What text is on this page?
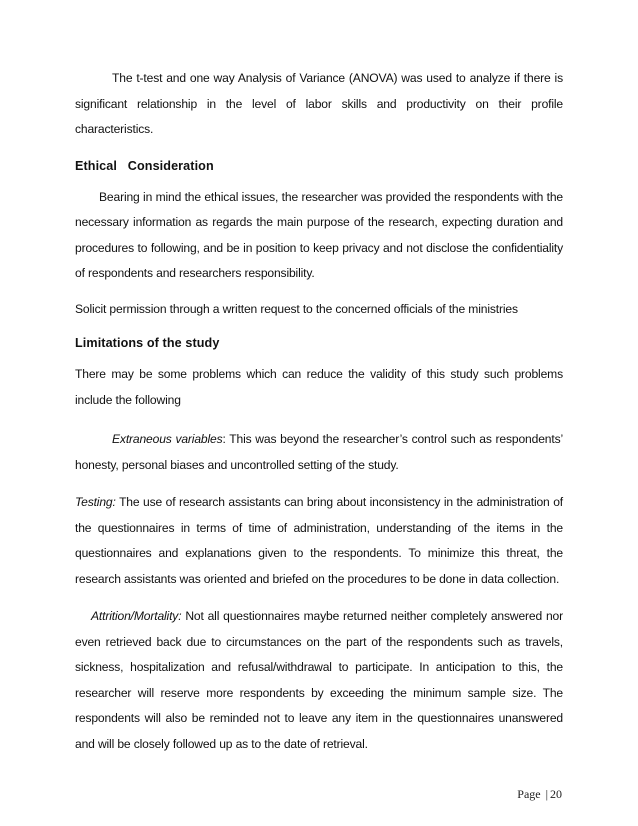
The t-test and one way Analysis of Variance (ANOVA) was used to analyze if there is significant relationship in the level of labor skills and productivity on their profile characteristics.

Ethical   Consideration

Bearing in mind the ethical issues, the researcher was provided the respondents with the necessary information as regards the main purpose of the research, expecting duration and procedures to following, and be in position to keep privacy and not disclose the confidentiality of respondents and researchers responsibility.

Solicit permission through a written request to the concerned officials of the ministries

Limitations of the study

There may be some problems which can reduce the validity of this study such problems include the following

Extraneous variables: This was beyond the researcher’s control such as respondents’ honesty, personal biases and uncontrolled setting of the study.

Testing: The use of research assistants can bring about inconsistency in the administration of the questionnaires in terms of time of administration, understanding of the items in the questionnaires and explanations given to the respondents. To minimize this threat, the research assistants was oriented and briefed on the procedures to be done in data collection.

Attrition/Mortality: Not all questionnaires maybe returned neither completely answered nor even retrieved back due to circumstances on the part of the respondents such as travels, sickness, hospitalization and refusal/withdrawal to participate. In anticipation to this, the researcher will reserve more respondents by exceeding the minimum sample size. The respondents will also be reminded not to leave any item in the questionnaires unanswered and will be closely followed up as to the date of retrieval.

Page | 20
